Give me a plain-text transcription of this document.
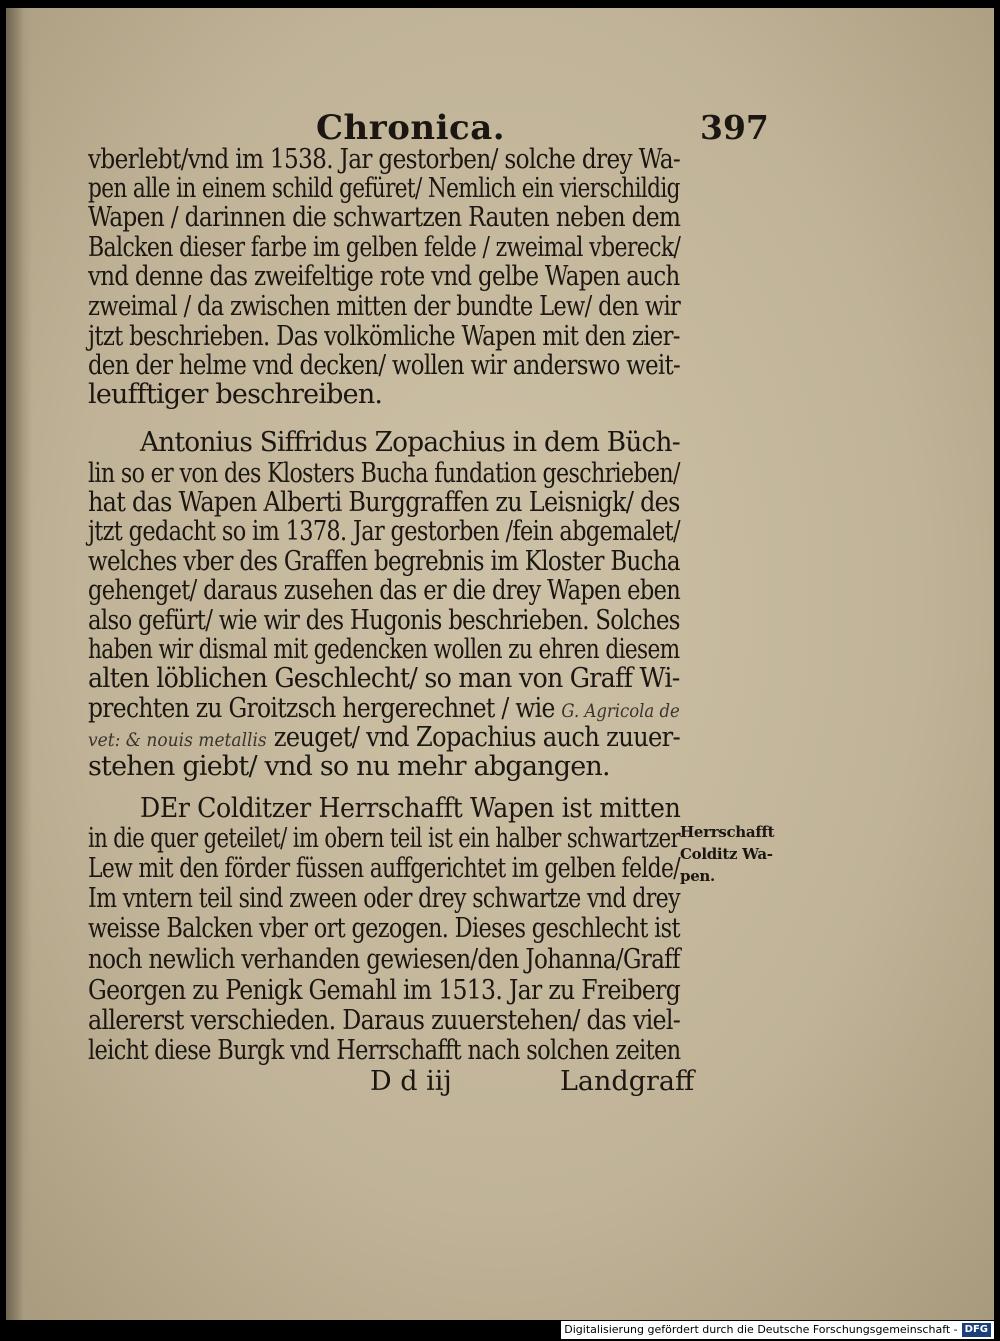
Chronica.	397

vberlebt/vnd im 1538. Jar gestorben/ solche drey Wa-

pen alle in einem schild gefüret/ Nemlich ein vierschildig

Wapen / darinnen die schwartzen Rauten neben dem

Balcken dieser farbe im gelben felde / zweimal vbereck/

vnd denne das zweifeltige rote vnd gelbe Wapen auch

zweimal / da zwischen mitten der bundte Lew/ den wir

jtzt beschrieben. Das volkömliche Wapen mit den zier-

den der helme vnd decken/ wollen wir anderswo weit-

leufftiger beschreiben.

Antonius Siffridus Zopachius in dem Büch-

lin so er von des Klosters Bucha fundation geschrieben/

hat das Wapen Alberti Burggraffen zu Leisnigk/ des

jtzt gedacht so im 1378. Jar gestorben /fein abgemalet/

welches vber des Graffen begrebnis im Kloster Bucha

gehenget/ daraus zusehen das er die drey Wapen eben

also gefürt/ wie wir des Hugonis beschrieben. Solches

haben wir dismal mit gedencken wollen zu ehren diesem

alten löblichen Geschlecht/ so man von Graff Wi-

prechten zu Groitzsch hergerechnet / wie G. Agricola de

vet: & nouis metallis zeuget/ vnd Zopachius auch zuuer-

stehen giebt/ vnd so nu mehr abgangen.

DEr Colditzer Herrschafft Wapen ist mitten

in die quer geteilet/ im obern teil ist ein halber schwartzer

Lew mit den förder füssen auffgerichtet im gelben felde/

Im vntern teil sind zween oder drey schwartze vnd drey

weisse Balcken vber ort gezogen. Dieses geschlecht ist

noch newlich verhanden gewiesen/den Johanna/Graff

Georgen zu Penigk Gemahl im 1513. Jar zu Freiberg

allererst verschieden. Daraus zuuerstehen/ das viel-

leicht diese Burgk vnd Herrschafft nach solchen zeiten

Herrschafft
Colditz Wa-
pen.
D d iij	Landgraff
Digitalisierung gefördert durch die Deutsche Forschungsgemeinschaft - DFG
